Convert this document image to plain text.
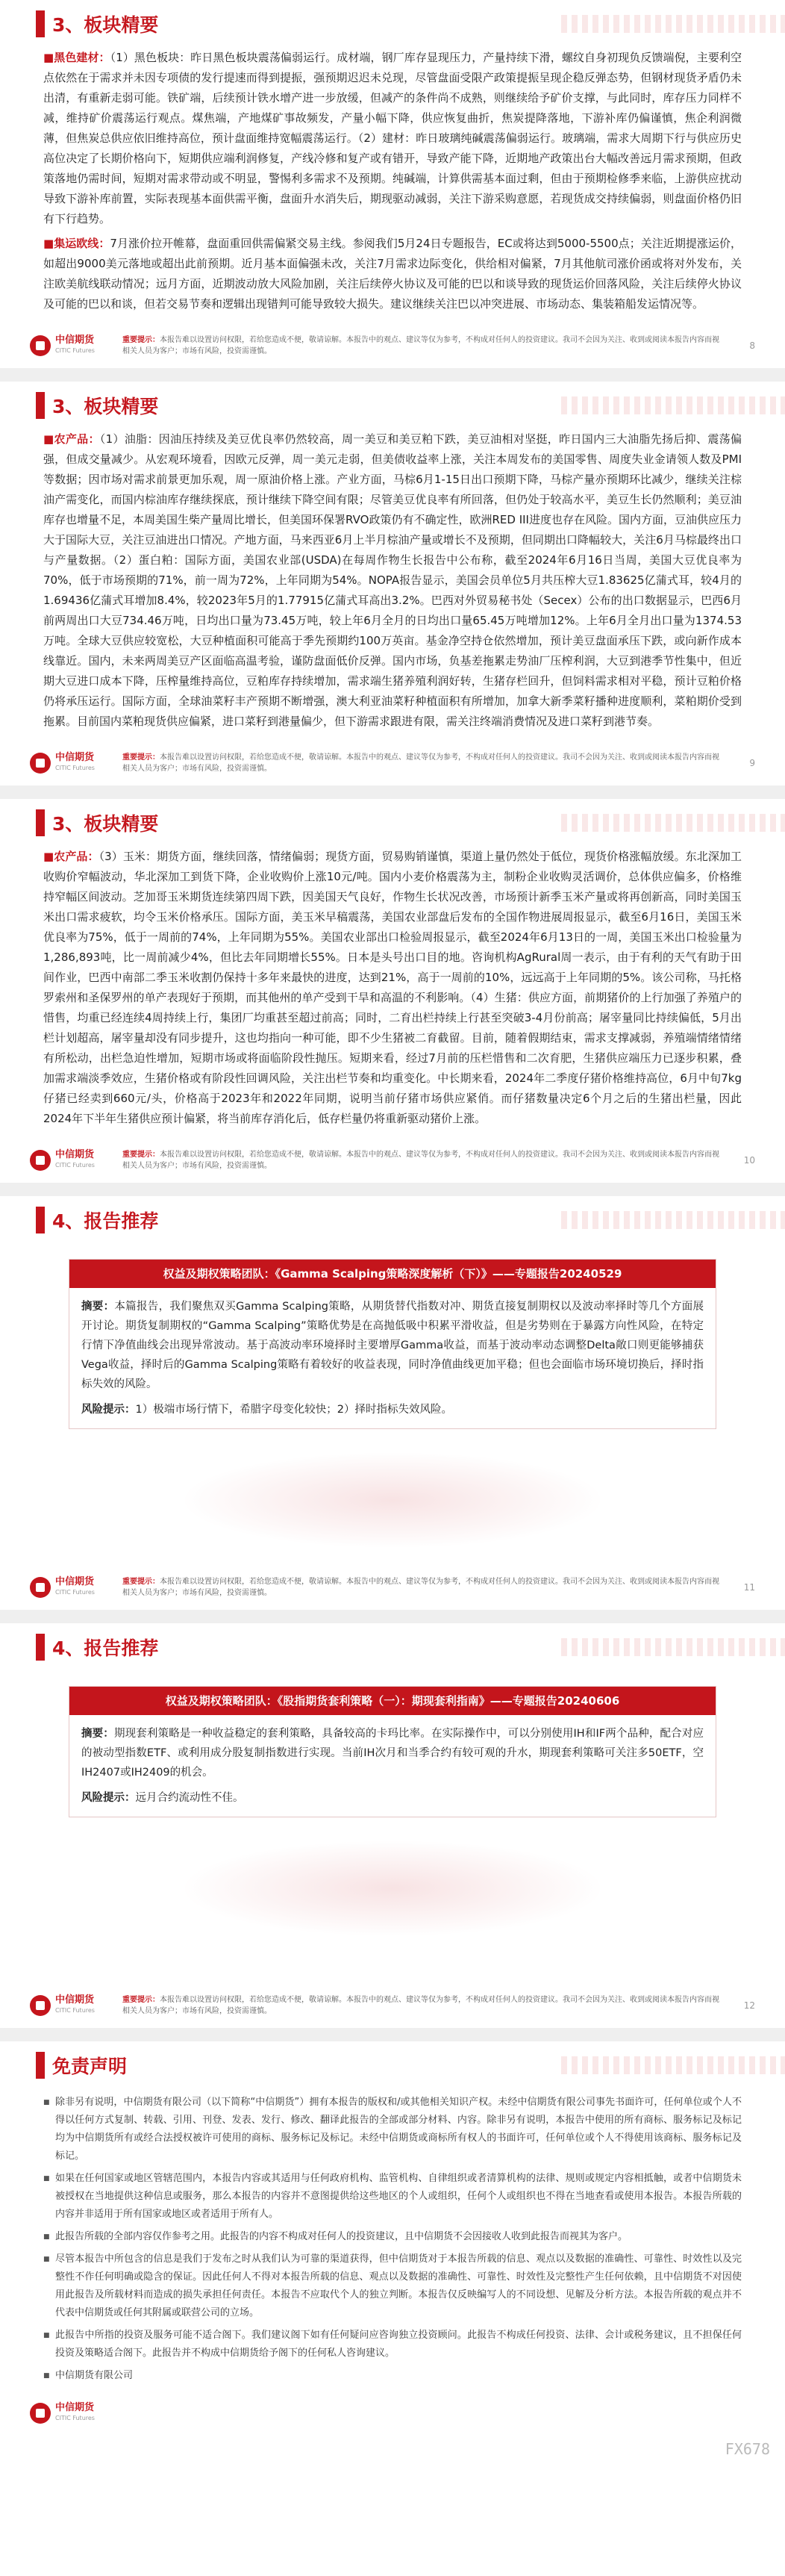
3、板块精要

■黑色建材：（1）黑色板块：昨日黑色板块震荡偏弱运行。成材端，钢厂库存显现压力，产量持续下滑，螺纹自身初现负反馈端倪，主要利空点依然在于需求并未因专项债的发行提速而得到提振，强预期迟迟未兑现，尽管盘面受限产政策提振呈现企稳反弹态势，但钢材现货矛盾仍未出清，有重新走弱可能。铁矿端，后续预计铁水增产进一步放缓，但减产的条件尚不成熟，则继续给予矿价支撑，与此同时，库存压力同样不减，维持矿价震荡运行观点。煤焦端，产地煤矿事故频发，产量小幅下降，供应恢复曲折，焦炭提降落地，下游补库仍偏谨慎，焦企利润微薄，但焦炭总供应依旧维持高位，预计盘面维持宽幅震荡运行。（2）建材：昨日玻璃纯碱震荡偏弱运行。玻璃端，需求大周期下行与供应历史高位决定了长期价格向下，短期供应端利润修复，产线冷修和复产或有错开，导致产能下降，近期地产政策出台大幅改善远月需求预期，但政策落地仍需时间，短期对需求带动或不明显，警惕利多需求不及预期。纯碱端，计算供需基本面过剩，但由于预期检修季来临，上游供应扰动导致下游补库前置，实际表现基本面供需平衡，盘面升水消失后，期现驱动减弱，关注下游采购意愿，若现货成交持续偏弱，则盘面价格仍旧有下行趋势。

■集运欧线：7月涨价拉开帷幕，盘面重回供需偏紧交易主线。参阅我们5月24日专题报告，EC或将达到5000-5500点；关注近期提涨运价，如超出9000美元落地或超出此前预期。近月基本面偏强未改，关注7月需求边际变化，供给相对偏紧，7月其他航司涨价函或将对外发布，关注欧美航线联动情况；远月方面，近期波动放大风险加剧，关注后续停火协议及可能的巴以和谈导致的现货运价回落风险，关注后续停火协议及可能的巴以和谈，但若交易节奏和逻辑出现错判可能导致较大损失。建议继续关注巴以冲突进展、市场动态、集装箱船发运情况等。

中信期货
CITIC Futures
重要提示：本报告难以设置访问权限，若给您造成不便，敬请谅解。本报告中的观点、建议等仅为参考，不构成对任何人的投资建议。我司不会因为关注、收到或阅读本报告内容而视相关人员为客户；市场有风险，投资需谨慎。
8
3、板块精要

■农产品：（1）油脂：因油压持续及美豆优良率仍然较高，周一美豆和美豆粕下跌，美豆油相对坚挺，昨日国内三大油脂先扬后抑、震荡偏强，但成交量减少。从宏观环境看，因欧元反弹，周一美元走弱，但美债收益率上涨，关注本周发布的美国零售、周度失业金请领人数及PMI等数据；因市场对需求前景更加乐观，周一原油价格上涨。产业方面，马棕6月1-15日出口预期下降，马棕产量亦预期环比减少，继续关注棕油产需变化，而国内棕油库存继续探底，预计继续下降空间有限；尽管美豆优良率有所回落，但仍处于较高水平，美豆生长仍然顺利；美豆油库存也增量不足，本周美国生柴产量周比增长，但美国环保署RVO政策仍有不确定性，欧洲RED III进度也存在风险。国内方面，豆油供应压力大于国际大豆，关注豆油进出口情况。产地方面，马来西亚6月上半月棕油产量或增长不及预期，但同期出口降幅较大，关注6月马棕最终出口与产量数据。（2）蛋白粕：国际方面，美国农业部(USDA)在每周作物生长报告中公布称，截至2024年6月16日当周，美国大豆优良率为70%，低于市场预期的71%，前一周为72%，上年同期为54%。NOPA报告显示，美国会员单位5月共压榨大豆1.83625亿蒲式耳，较4月的1.69436亿蒲式耳增加8.4%，较2023年5月的1.77915亿蒲式耳高出3.2%。巴西对外贸易秘书处（Secex）公布的出口数据显示，巴西6月前两周出口大豆734.46万吨，日均出口量为73.45万吨，较上年6月全月的日均出口量65.45万吨增加12%。上年6月全月出口量为1374.53万吨。全球大豆供应较宽松，大豆种植面积可能高于季先预期约100万英亩。基金净空持仓依然增加，预计美豆盘面承压下跌，或向新作成本线靠近。国内，未来两周美豆产区面临高温考验，谨防盘面低价反弹。国内市场，负基差拖累走势油厂压榨利润，大豆到港季节性集中，但近期大豆进口成本下降，压榨量维持高位，豆粕库存持续增加，需求端生猪养殖利润好转，生猪存栏回升，但饲料需求相对平稳，预计豆粕价格仍将承压运行。国际方面，全球油菜籽丰产预期不断增强，澳大利亚油菜籽种植面积有所增加，加拿大新季菜籽播种进度顺利，菜粕期价受到拖累。目前国内菜粕现货供应偏紧，进口菜籽到港量偏少，但下游需求跟进有限，需关注终端消费情况及进口菜籽到港节奏。

中信期货
CITIC Futures
重要提示：本报告难以设置访问权限，若给您造成不便，敬请谅解。本报告中的观点、建议等仅为参考，不构成对任何人的投资建议。我司不会因为关注、收到或阅读本报告内容而视相关人员为客户；市场有风险，投资需谨慎。
9
3、板块精要

■农产品：（3）玉米：期货方面，继续回落，情绪偏弱；现货方面，贸易购销谨慎，渠道上量仍然处于低位，现货价格涨幅放缓。东北深加工收购价窄幅波动，华北深加工到货下降，企业收购价上涨10元/吨。国内小麦价格震荡为主，制粉企业收购灵活调价，总体供应偏多，价格维持窄幅区间波动。芝加哥玉米期货连续第四周下跌，因美国天气良好，作物生长状况改善，市场预计新季玉米产量或将再创新高，同时美国玉米出口需求疲软，均令玉米价格承压。国际方面，美玉米早稿震荡，美国农业部盘后发布的全国作物进展周报显示，截至6月16日，美国玉米优良率为75%，低于一周前的74%，上年同期为55%。美国农业部出口检验周报显示，截至2024年6月13日的一周，美国玉米出口检验量为1,286,893吨，比一周前减少4%，但比去年同期增长55%。日本是头号出口目的地。咨询机构AgRural周一表示，由于有利的天气有助于田间作业，巴西中南部二季玉米收割仍保持十多年来最快的进度，达到21%，高于一周前的10%，远远高于上年同期的5%。该公司称，马托格罗索州和圣保罗州的单产表现好于预期，而其他州的单产受到干旱和高温的不利影响。（4）生猪：供应方面，前期猪价的上行加强了养殖户的惜售，均重已经连续4周持续上行，集团厂均重甚至超过前高；同时，二育出栏持续上行甚至突破3-4月份前高；屠宰量同比持续偏低，5月出栏计划超高，屠宰量却没有同步提升，这也均指向一种可能，即不少生猪被二育截留。目前，随着假期结束，需求支撑减弱，养殖端情绪情绪有所松动，出栏急迫性增加，短期市场或将面临阶段性抛压。短期来看，经过7月前的压栏惜售和二次育肥，生猪供应端压力已逐步积累，叠加需求端淡季效应，生猪价格或有阶段性回调风险，关注出栏节奏和均重变化。中长期来看，2024年二季度仔猪价格维持高位，6月中旬7kg仔猪已经卖到660元/头，价格高于2023年和2022年同期，说明当前仔猪市场供应紧俏。而仔猪数量决定6个月之后的生猪出栏量，因此2024年下半年生猪供应预计偏紧，将当前库存消化后，低存栏量仍将重新驱动猪价上涨。

中信期货
CITIC Futures
重要提示：本报告难以设置访问权限，若给您造成不便，敬请谅解。本报告中的观点、建议等仅为参考，不构成对任何人的投资建议。我司不会因为关注、收到或阅读本报告内容而视相关人员为客户；市场有风险，投资需谨慎。
10
4、报告推荐
权益及期权策略团队：《Gamma Scalping策略深度解析（下）》——专题报告20240529

摘要：本篇报告，我们聚焦双买Gamma Scalping策略，从期货替代指数对冲、期货直接复制期权以及波动率择时等几个方面展开讨论。期货复制期权的“Gamma Scalping”策略优势是在高抛低吸中积累平滑收益，但是劣势则在于暴露方向性风险，在特定行情下净值曲线会出现异常波动。基于高波动率环境择时主要增厚Gamma收益，而基于波动率动态调整Delta敞口则更能够捕获Vega收益，择时后的Gamma Scalping策略有着较好的收益表现，同时净值曲线更加平稳；但也会面临市场环境切换后，择时指标失效的风险。

风险提示：1）极端市场行情下，希腊字母变化较快；2）择时指标失效风险。

中信期货
CITIC Futures
重要提示：本报告难以设置访问权限，若给您造成不便，敬请谅解。本报告中的观点、建议等仅为参考，不构成对任何人的投资建议。我司不会因为关注、收到或阅读本报告内容而视相关人员为客户；市场有风险，投资需谨慎。
11
4、报告推荐
权益及期权策略团队：《股指期货套利策略（一）：期现套利指南》——专题报告20240606

摘要：期现套利策略是一种收益稳定的套利策略，具备较高的卡玛比率。在实际操作中，可以分别使用IH和IF两个品种，配合对应的被动型指数ETF、或利用成分股复制指数进行实现。当前IH次月和当季合约有较可观的升水，期现套利策略可关注多50ETF，空IH2407或IH2409的机会。

风险提示：远月合约流动性不佳。

中信期货
CITIC Futures
重要提示：本报告难以设置访问权限，若给您造成不便，敬请谅解。本报告中的观点、建议等仅为参考，不构成对任何人的投资建议。我司不会因为关注、收到或阅读本报告内容而视相关人员为客户；市场有风险，投资需谨慎。
12
免责声明
■ 除非另有说明，中信期货有限公司（以下简称“中信期货”）拥有本报告的版权和/或其他相关知识产权。未经中信期货有限公司事先书面许可，任何单位或个人不得以任何方式复制、转载、引用、刊登、发表、发行、修改、翻译此报告的全部或部分材料、内容。除非另有说明，本报告中使用的所有商标、服务标记及标记均为中信期货所有或经合法授权被许可使用的商标、服务标记及标记。未经中信期货或商标所有权人的书面许可，任何单位或个人不得使用该商标、服务标记及标记。
■ 如果在任何国家或地区管辖范围内，本报告内容或其适用与任何政府机构、监管机构、自律组织或者清算机构的法律、规则或规定内容相抵触，或者中信期货未被授权在当地提供这种信息或服务，那么本报告的内容并不意图提供给这些地区的个人或组织，任何个人或组织也不得在当地查看或使用本报告。本报告所载的内容并非适用于所有国家或地区或者适用于所有人。
■ 此报告所载的全部内容仅作参考之用。此报告的内容不构成对任何人的投资建议，且中信期货不会因接收人收到此报告而视其为客户。
■ 尽管本报告中所包含的信息是我们于发布之时从我们认为可靠的渠道获得，但中信期货对于本报告所载的信息、观点以及数据的准确性、可靠性、时效性以及完整性不作任何明确或隐含的保证。因此任何人不得对本报告所载的信息、观点以及数据的准确性、可靠性、时效性及完整性产生任何依赖，且中信期货不对因使用此报告及所载材料而造成的损失承担任何责任。本报告不应取代个人的独立判断。本报告仅反映编写人的不同设想、见解及分析方法。本报告所载的观点并不代表中信期货或任何其附属或联营公司的立场。
■ 此报告中所指的投资及服务可能不适合阁下。我们建议阁下如有任何疑问应咨询独立投资顾问。此报告不构成任何投资、法律、会计或税务建议，且不担保任何投资及策略适合阁下。此报告并不构成中信期货给予阁下的任何私人咨询建议。
■ 中信期货有限公司
中信期货
CITIC Futures
FX678
